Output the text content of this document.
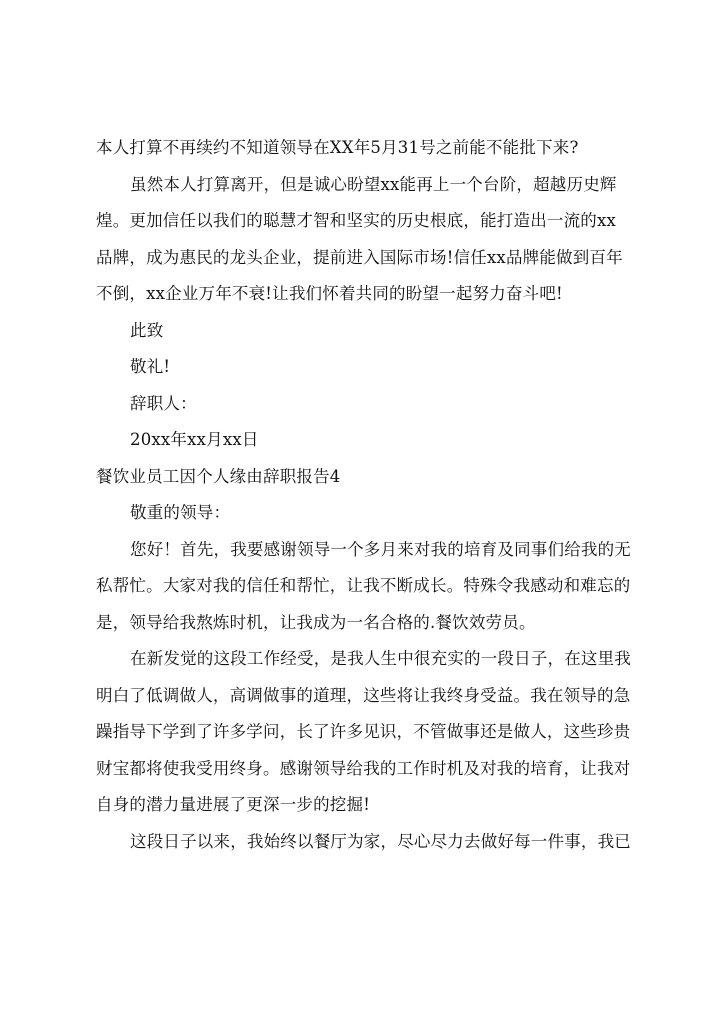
本人打算不再续约不知道领导在XX年5月31号之前能不能批下来?

虽然本人打算离开，但是诚心盼望xx能再上一个台阶，超越历史辉

煌。更加信任以我们的聪慧才智和坚实的历史根底，能打造出一流的xx

品牌，成为惠民的龙头企业，提前进入国际市场!信任xx品牌能做到百年

不倒，xx企业万年不衰!让我们怀着共同的盼望一起努力奋斗吧!

此致

敬礼!

辞职人：

20xx年xx月xx日

餐饮业员工因个人缘由辞职报告4

敬重的领导：

您好！首先，我要感谢领导一个多月来对我的培育及同事们给我的无

私帮忙。大家对我的信任和帮忙，让我不断成长。特殊令我感动和难忘的

是，领导给我熬炼时机，让我成为一名合格的.餐饮效劳员。

在新发觉的这段工作经受，是我人生中很充实的一段日子，在这里我

明白了低调做人，高调做事的道理，这些将让我终身受益。我在领导的急

躁指导下学到了许多学问，长了许多见识，不管做事还是做人，这些珍贵

财宝都将使我受用终身。感谢领导给我的工作时机及对我的培育，让我对

自身的潜力量进展了更深一步的挖掘!

这段日子以来，我始终以餐厅为家，尽心尽力去做好每一件事，我已
